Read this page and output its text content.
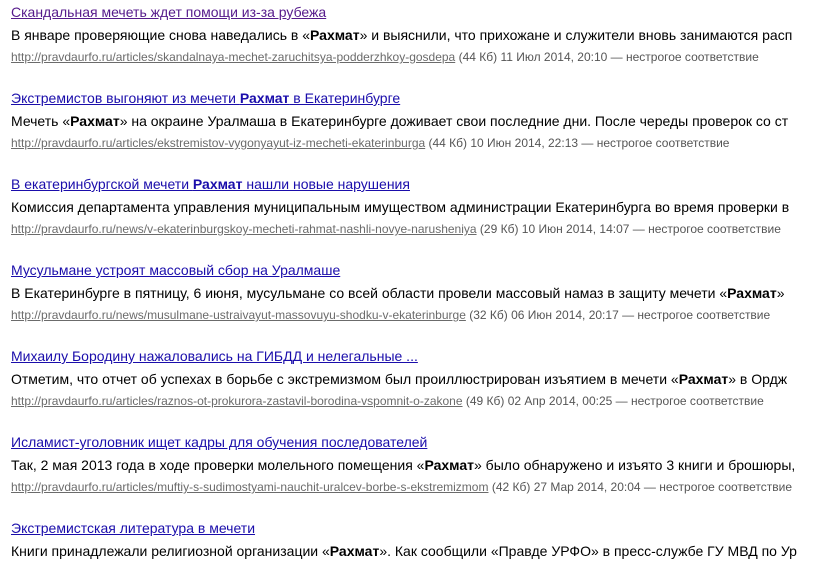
Скандальная мечеть ждет помощи из-за рубежа
В январе проверяющие снова наведались в «Рахмат» и выяснили, что прихожане и служители вновь занимаются расп
http://pravdaurfo.ru/articles/skandalnaya-mechet-zaruchitsya-podderzhkoy-gosdepa (44 Кб) 11 Июл 2014, 20:10 — нестрогое соответствие
Экстремистов выгоняют из мечети Рахмат в Екатеринбурге
Мечеть «Рахмат» на окраине Уралмаша в Екатеринбурге доживает свои последние дни. После череды проверок со ст
http://pravdaurfo.ru/articles/ekstremistov-vygonyayut-iz-mecheti-ekaterinburga (44 Кб) 10 Июн 2014, 22:13 — нестрогое соответствие
В екатеринбургской мечети Рахмат нашли новые нарушения
Комиссия департамента управления муниципальным имуществом администрации Екатеринбурга во время проверки в
http://pravdaurfo.ru/news/v-ekaterinburgskoy-mecheti-rahmat-nashli-novye-narusheniya (29 Кб) 10 Июн 2014, 14:07 — нестрогое соответствие
Мусульмане устроят массовый сбор на Уралмаше
В Екатеринбурге в пятницу, 6 июня, мусульмане со всей области провели массовый намаз в защиту мечети «Рахмат»
http://pravdaurfo.ru/news/musulmane-ustraivayut-massovuyu-shodku-v-ekaterinburge (32 Кб) 06 Июн 2014, 20:17 — нестрогое соответствие
Михаилу Бородину нажаловались на ГИБДД и нелегальные ...
Отметим, что отчет об успехах в борьбе с экстремизмом был проиллюстрирован изъятием в мечети «Рахмат» в Ордж
http://pravdaurfo.ru/articles/raznos-ot-prokurora-zastavil-borodina-vspomnit-o-zakone (49 Кб) 02 Апр 2014, 00:25 — нестрогое соответствие
Исламист-уголовник ищет кадры для обучения последователей
Так, 2 мая 2013 года в ходе проверки молельного помещения «Рахмат» было обнаружено и изъято 3 книги и брошюры,
http://pravdaurfo.ru/articles/muftiy-s-sudimostyami-nauchit-uralcev-borbe-s-ekstremizmom (42 Кб) 27 Мар 2014, 20:04 — нестрогое соответствие
Экстремистская литература в мечети
Книги принадлежали религиозной организации «Рахмат». Как сообщили «Правде УРФО» в пресс-службе ГУ МВД по Ур
